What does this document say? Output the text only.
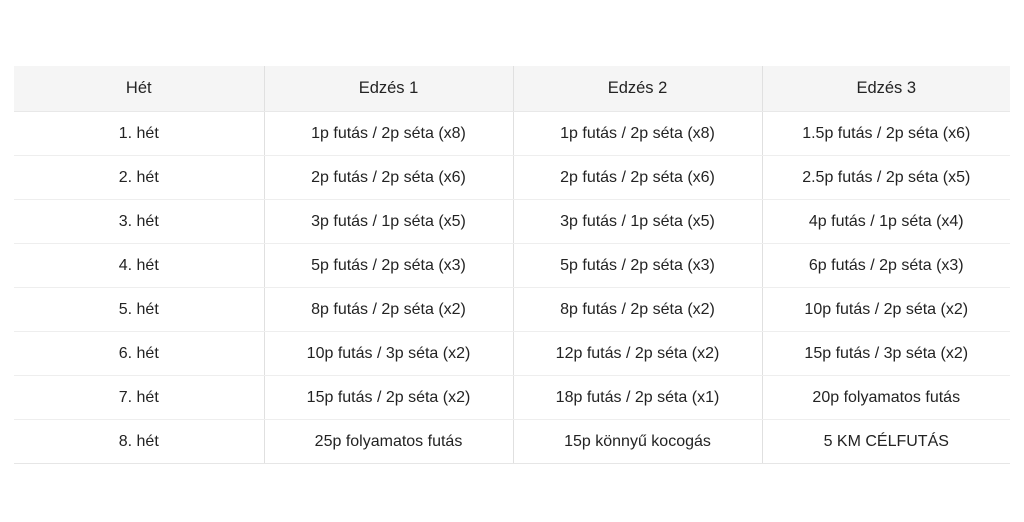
Hét	Edzés 1	Edzés 2	Edzés 3
1. hét	1p futás / 2p séta (x8)	1p futás / 2p séta (x8)	1.5p futás / 2p séta (x6)
2. hét	2p futás / 2p séta (x6)	2p futás / 2p séta (x6)	2.5p futás / 2p séta (x5)
3. hét	3p futás / 1p séta (x5)	3p futás / 1p séta (x5)	4p futás / 1p séta (x4)
4. hét	5p futás / 2p séta (x3)	5p futás / 2p séta (x3)	6p futás / 2p séta (x3)
5. hét	8p futás / 2p séta (x2)	8p futás / 2p séta (x2)	10p futás / 2p séta (x2)
6. hét	10p futás / 3p séta (x2)	12p futás / 2p séta (x2)	15p futás / 3p séta (x2)
7. hét	15p futás / 2p séta (x2)	18p futás / 2p séta (x1)	20p folyamatos futás
8. hét	25p folyamatos futás	15p könnyű kocogás	5 KM CÉLFUTÁS
